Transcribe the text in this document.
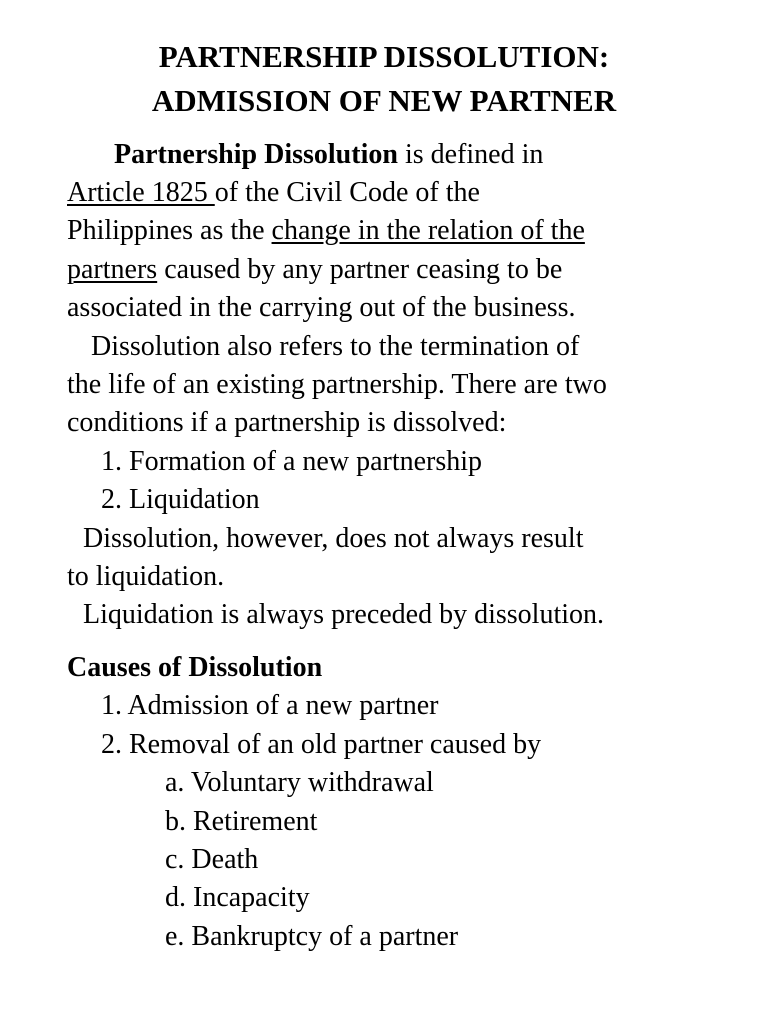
PARTNERSHIP DISSOLUTION:
ADMISSION OF NEW PARTNER

Partnership Dissolution is defined in

Article 1825 of the Civil Code of the

Philippines as the change in the relation of the

partners caused by any partner ceasing to be

associated in the carrying out of the business.

Dissolution also refers to the termination of

the life of an existing partnership. There are two

conditions if a partnership is dissolved:

1. Formation of a new partnership

2. Liquidation

Dissolution, however, does not always result

to liquidation.

Liquidation is always preceded by dissolution.

Causes of Dissolution

1. Admission of a new partner

2. Removal of an old partner caused by

a. Voluntary withdrawal

b. Retirement

c. Death

d. Incapacity

e. Bankruptcy of a partner
